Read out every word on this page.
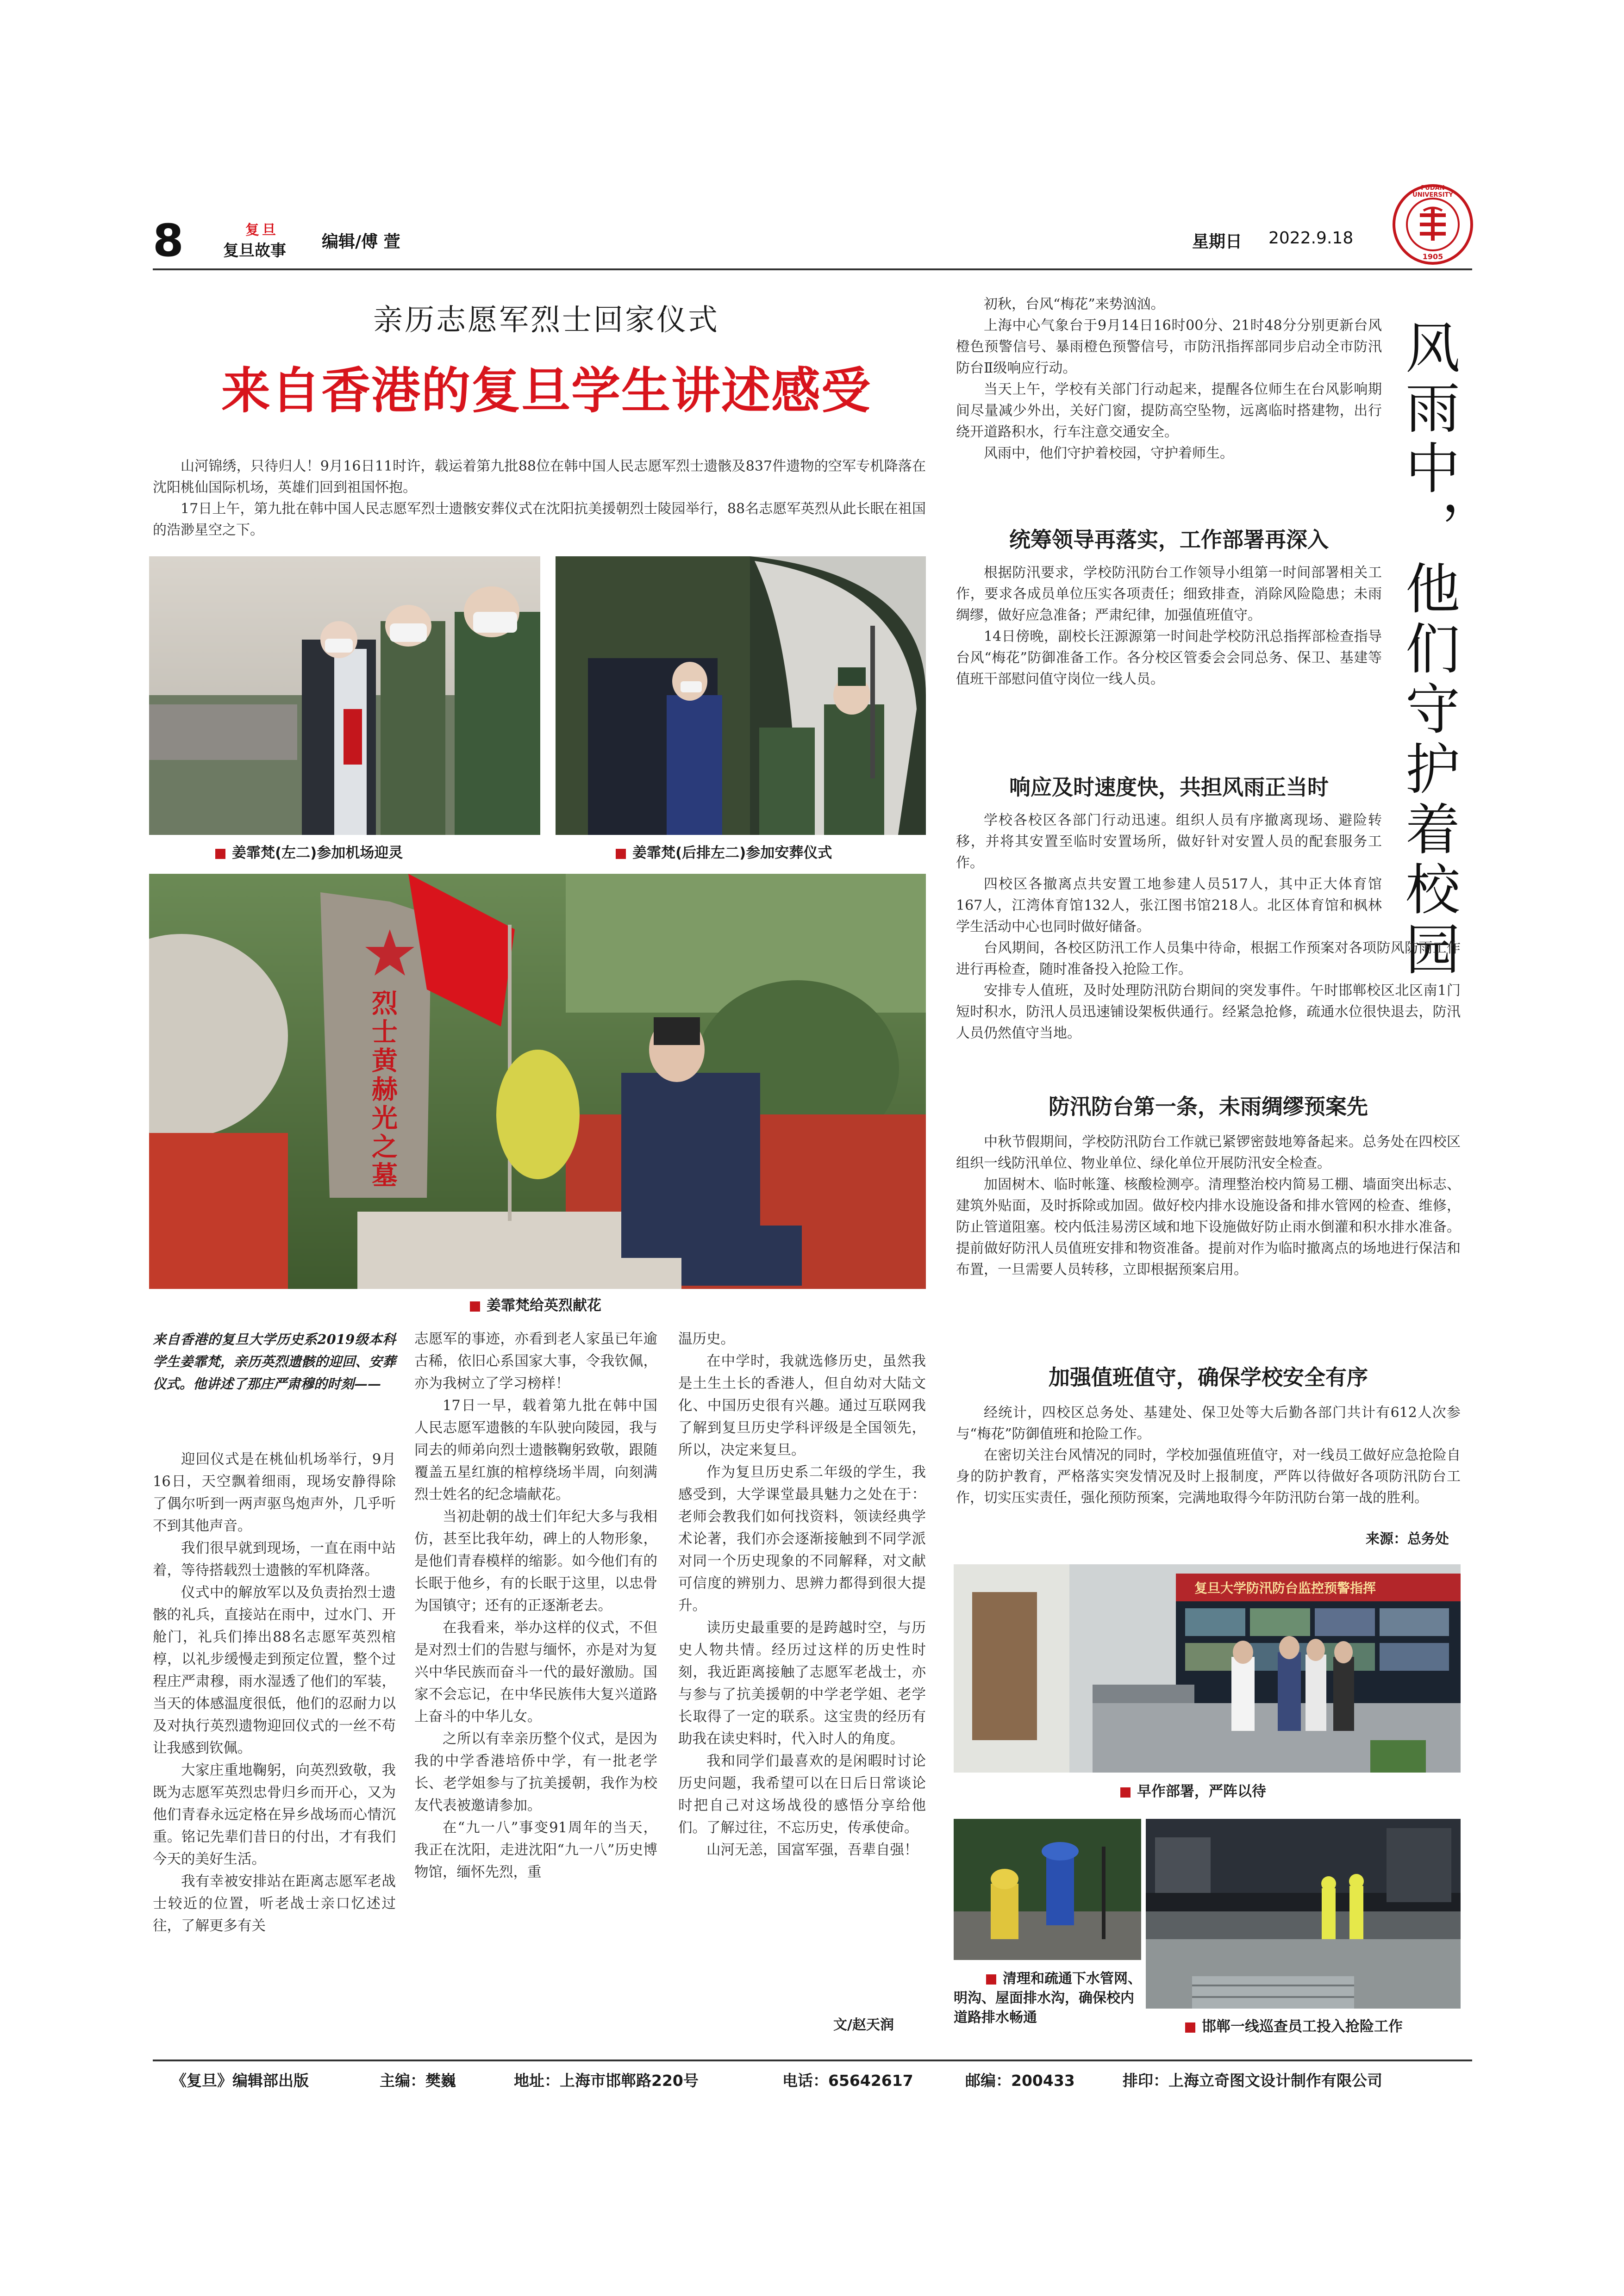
8	复旦
复旦故事 编辑/傅 萱	星期日 2022.9.18
FUDAN UNIVERSITY
1905
亲历志愿军烈士回家仪式
来自香港的复旦学生讲述感受

山河锦绣，只待归人！9月16日11时许，载运着第九批88位在韩中国人民志愿军烈士遗骸及837件遗物的空军专机降落在沈阳桃仙国际机场，英雄们回到祖国怀抱。

17日上午，第九批在韩中国人民志愿军烈士遗骸安葬仪式在沈阳抗美援朝烈士陵园举行，88名志愿军英烈从此长眠在祖国的浩渺星空之下。

姜霏梵(左二)参加机场迎灵	姜霏梵(后排左二)参加安葬仪式
烈士黄赫光之墓
姜霏梵给英烈献花
来自香港的复旦大学历史系2019级本科学生姜霏梵，亲历英烈遗骸的迎回、安葬仪式。他讲述了那庄严肃穆的时刻——

迎回仪式是在桃仙机场举行，9月16日，天空飘着细雨，现场安静得除了偶尔听到一两声驱鸟炮声外，几乎听不到其他声音。

我们很早就到现场，一直在雨中站着，等待搭载烈士遗骸的军机降落。

仪式中的解放军以及负责抬烈士遗骸的礼兵，直接站在雨中，过水门、开舱门，礼兵们捧出88名志愿军英烈棺椁，以礼步缓慢走到预定位置，整个过程庄严肃穆，雨水湿透了他们的军装，当天的体感温度很低，他们的忍耐力以及对执行英烈遗物迎回仪式的一丝不苟让我感到钦佩。

大家庄重地鞠躬，向英烈致敬，我既为志愿军英烈忠骨归乡而开心，又为他们青春永远定格在异乡战场而心情沉重。铭记先辈们昔日的付出，才有我们今天的美好生活。

我有幸被安排站在距离志愿军老战士较近的位置，听老战士亲口忆述过往，了解更多有关

志愿军的事迹，亦看到老人家虽已年逾古稀，依旧心系国家大事，令我钦佩，亦为我树立了学习榜样！

17日一早，载着第九批在韩中国人民志愿军遗骸的车队驶向陵园，我与同去的师弟向烈士遗骸鞠躬致敬，跟随覆盖五星红旗的棺椁绕场半周，向刻满烈士姓名的纪念墙献花。

当初赴朝的战士们年纪大多与我相仿，甚至比我年幼，碑上的人物形象，是他们青春模样的缩影。如今他们有的长眠于他乡，有的长眠于这里，以忠骨为国镇守；还有的正逐渐老去。

在我看来，举办这样的仪式，不但是对烈士们的告慰与缅怀，亦是对为复兴中华民族而奋斗一代的最好激励。国家不会忘记，在中华民族伟大复兴道路上奋斗的中华儿女。

之所以有幸亲历整个仪式，是因为我的中学香港培侨中学，有一批老学长、老学姐参与了抗美援朝，我作为校友代表被邀请参加。

在“九一八”事变91周年的当天，我正在沈阳，走进沈阳“九一八”历史博物馆，缅怀先烈，重

温历史。

在中学时，我就选修历史，虽然我是土生土长的香港人，但自幼对大陆文化、中国历史很有兴趣。通过互联网我了解到复旦历史学科评级是全国领先，所以，决定来复旦。

作为复旦历史系二年级的学生，我感受到，大学课堂最具魅力之处在于：老师会教我们如何找资料，领读经典学术论著，我们亦会逐渐接触到不同学派对同一个历史现象的不同解释，对文献可信度的辨别力、思辨力都得到很大提升。

读历史最重要的是跨越时空，与历史人物共情。经历过这样的历史性时刻，我近距离接触了志愿军老战士，亦与参与了抗美援朝的中学老学姐、老学长取得了一定的联系。这宝贵的经历有助我在读史料时，代入时人的角度。

我和同学们最喜欢的是闲暇时讨论历史问题，我希望可以在日后日常谈论时把自己对这场战役的感悟分享给他们。了解过往，不忘历史，传承使命。

山河无恙，国富军强，吾辈自强！

文/赵天润

初秋，台风“梅花”来势汹汹。

上海中心气象台于9月14日16时00分、21时48分分别更新台风橙色预警信号、暴雨橙色预警信号，市防汛指挥部同步启动全市防汛防台Ⅱ级响应行动。

当天上午，学校有关部门行动起来，提醒各位师生在台风影响期间尽量减少外出，关好门窗，提防高空坠物，远离临时搭建物，出行绕开道路积水，行车注意交通安全。

风雨中，他们守护着校园，守护着师生。	风雨中，他们守护着校园
统筹领导再落实，工作部署再深入

根据防汛要求，学校防汛防台工作领导小组第一时间部署相关工作，要求各成员单位压实各项责任；细致排查，消除风险隐患；未雨绸缪，做好应急准备；严肃纪律，加强值班值守。

14日傍晚，副校长汪源源第一时间赴学校防汛总指挥部检查指导台风“梅花”防御准备工作。各分校区管委会会同总务、保卫、基建等值班干部慰问值守岗位一线人员。

响应及时速度快，共担风雨正当时

学校各校区各部门行动迅速。组织人员有序撤离现场、避险转移，并将其安置至临时安置场所，做好针对安置人员的配套服务工作。

四校区各撤离点共安置工地参建人员517人，其中正大体育馆167人，江湾体育馆132人，张江图书馆218人。北区体育馆和枫林学生活动中心也同时做好储备。

台风期间，各校区防汛工作人员集中待命，根据工作预案对各项防风防雨工作进行再检查，随时准备投入抢险工作。

安排专人值班，及时处理防汛防台期间的突发事件。午时邯郸校区北区南1门短时积水，防汛人员迅速铺设架板供通行。经紧急抢修，疏通水位很快退去，防汛人员仍然值守当地。

防汛防台第一条，未雨绸缪预案先

中秋节假期间，学校防汛防台工作就已紧锣密鼓地筹备起来。总务处在四校区组织一线防汛单位、物业单位、绿化单位开展防汛安全检查。

加固树木、临时帐篷、核酸检测亭。清理整治校内简易工棚、墙面突出标志、建筑外贴面，及时拆除或加固。做好校内排水设施设备和排水管网的检查、维修，防止管道阻塞。校内低洼易涝区域和地下设施做好防止雨水倒灌和积水排水准备。提前做好防汛人员值班安排和物资准备。提前对作为临时撤离点的场地进行保洁和布置，一旦需要人员转移，立即根据预案启用。

加强值班值守，确保学校安全有序

经统计，四校区总务处、基建处、保卫处等大后勤各部门共计有612人次参与“梅花”防御值班和抢险工作。

在密切关注台风情况的同时，学校加强值班值守，对一线员工做好应急抢险自身的防护教育，严格落实突发情况及时上报制度，严阵以待做好各项防汛防台工作，切实压实责任，强化预防预案，完满地取得今年防汛防台第一战的胜利。

来源：总务处
复旦大学防汛防台监控预警指挥
早作部署，严阵以待
清理和疏通下水管网、明沟、屋面排水沟，确保校内道路排水畅通
邯郸一线巡查员工投入抢险工作
《复旦》编辑部出版	主编：樊巍	地址：上海市邯郸路220号	电话：65642617	邮编：200433	排印：上海立奇图文设计制作有限公司
